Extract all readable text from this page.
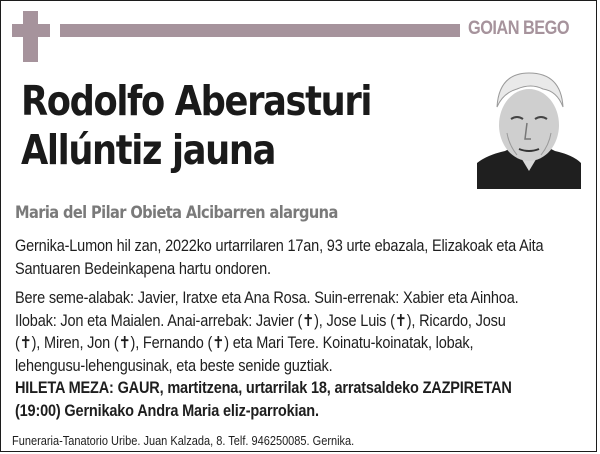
GOIAN BEGO
Rodolfo Aberasturi
Allúntiz jauna
Maria del Pilar Obieta Alcibarren alarguna
Gernika-Lumon hil zan, 2022ko urtarrilaren 17an, 93 urte ebazala, Elizakoak eta Aita Santuaren Bedeinkapena hartu ondoren.
Bere seme-alabak: Javier, Iratxe eta Ana Rosa. Suin-errenak: Xabier eta Ainhoa.
Ilobak: Jon eta Maialen. Anai-arrebak: Javier (✝), Jose Luis (✝), Ricardo, Josu
(✝), Miren, Jon (✝), Fernando (✝) eta Mari Tere. Koinatu-koinatak, lobak,
lehengusu-lehengusinak, eta beste senide guztiak.
HILETA MEZA: GAUR, martitzena, urtarrilak 18, arratsaldeko ZAZPIRETAN
(19:00) Gernikako Andra Maria eliz-parrokian.
Funeraria-Tanatorio Uribe. Juan Kalzada, 8. Telf. 946250085. Gernika.
